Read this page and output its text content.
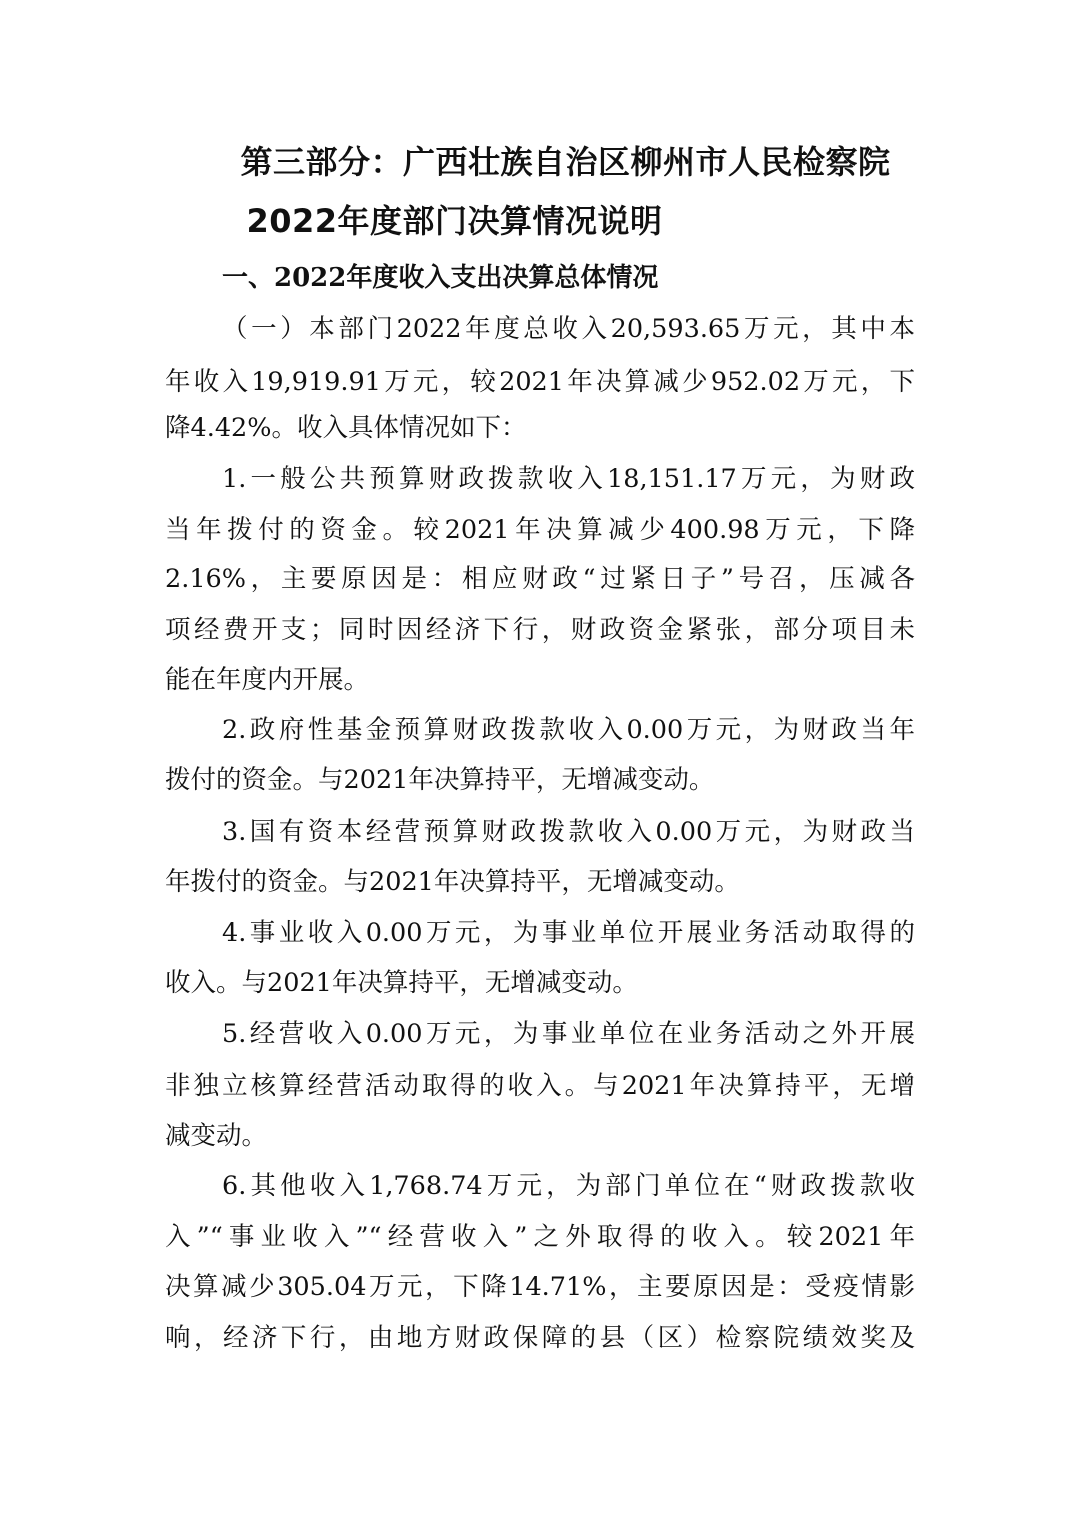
第三部分：广西壮族自治区柳州市人民检察院
2022年度部门决算情况说明
一、2022年度收入支出决算总体情况
（一）本部门2022年度总收入20,593.65万元，其中本
年收入19,919.91万元，较2021年决算减少952.02万元，下
降4.42%。收入具体情况如下：
1.一般公共预算财政拨款收入18,151.17万元，为财政
当年拨付的资金。较2021年决算减少400.98万元，下降
2.16%，主要原因是：相应财政“过紧日子”号召，压减各
项经费开支；同时因经济下行，财政资金紧张，部分项目未
能在年度内开展。
2.政府性基金预算财政拨款收入0.00万元，为财政当年
拨付的资金。与2021年决算持平，无增减变动。
3.国有资本经营预算财政拨款收入0.00万元，为财政当
年拨付的资金。与2021年决算持平，无增减变动。
4.事业收入0.00万元，为事业单位开展业务活动取得的
收入。与2021年决算持平，无增减变动。
5.经营收入0.00万元，为事业单位在业务活动之外开展
非独立核算经营活动取得的收入。与2021年决算持平，无增
减变动。
6.其他收入1,768.74万元，为部门单位在“财政拨款收
入”“事业收入”“经营收入”之外取得的收入。较2021年
决算减少305.04万元，下降14.71%，主要原因是：受疫情影
响，经济下行，由地方财政保障的县（区）检察院绩效奖及
